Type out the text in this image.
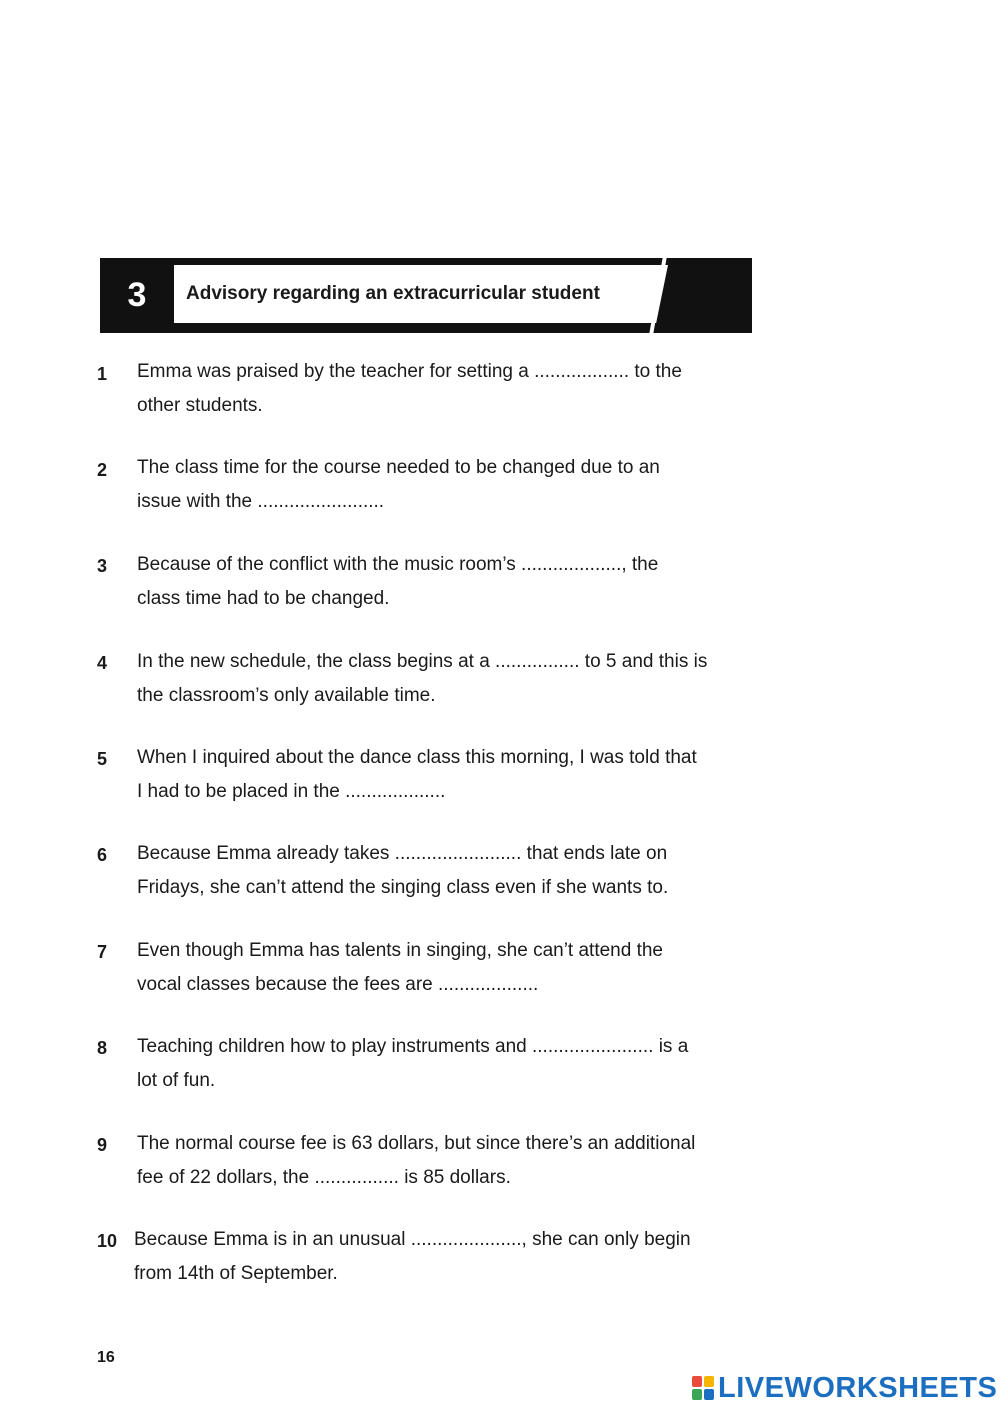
3	Advisory regarding an extracurricular student
1 Emma was praised by the teacher for setting a .................. to the
other students.
2 The class time for the course needed to be changed due to an
issue with the ........................
3 Because of the conflict with the music room’s ..................., the
class time had to be changed.
4 In the new schedule, the class begins at a ................ to 5 and this is
the classroom’s only available time.
5 When I inquired about the dance class this morning, I was told that
I had to be placed in the ...................
6 Because Emma already takes ........................ that ends late on
Fridays, she can’t attend the singing class even if she wants to.
7 Even though Emma has talents in singing, she can’t attend the
vocal classes because the fees are ...................
8 Teaching children how to play instruments and ....................... is a
lot of fun.
9 The normal course fee is 63 dollars, but since there’s an additional
fee of 22 dollars, the ................ is 85 dollars.
10 Because Emma is in an unusual ....................., she can only begin
from 14th of September.
16
LIVEWORKSHEETS
